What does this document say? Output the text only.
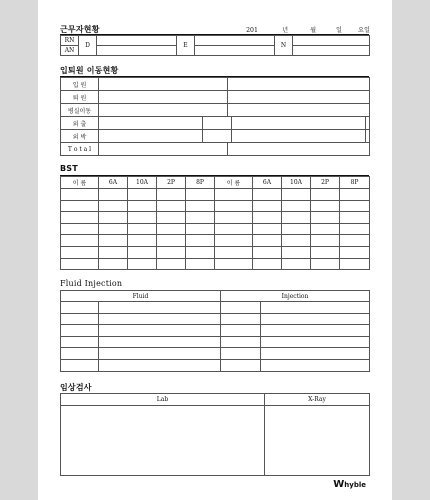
근무자현황	201	년	월	일	요일
RN	D		E		N	
AN						
입퇴원 이동현황
입 원					
퇴 원					
병실이동					
외 출					
외 박					
T o t a l					
BST
이 름	6A	10A	2P	8P	이 름	6A	10A	2P	8P

Fluid Injection
Fluid		Injection	

임상검사
Lab	X-Ray

Whyble
